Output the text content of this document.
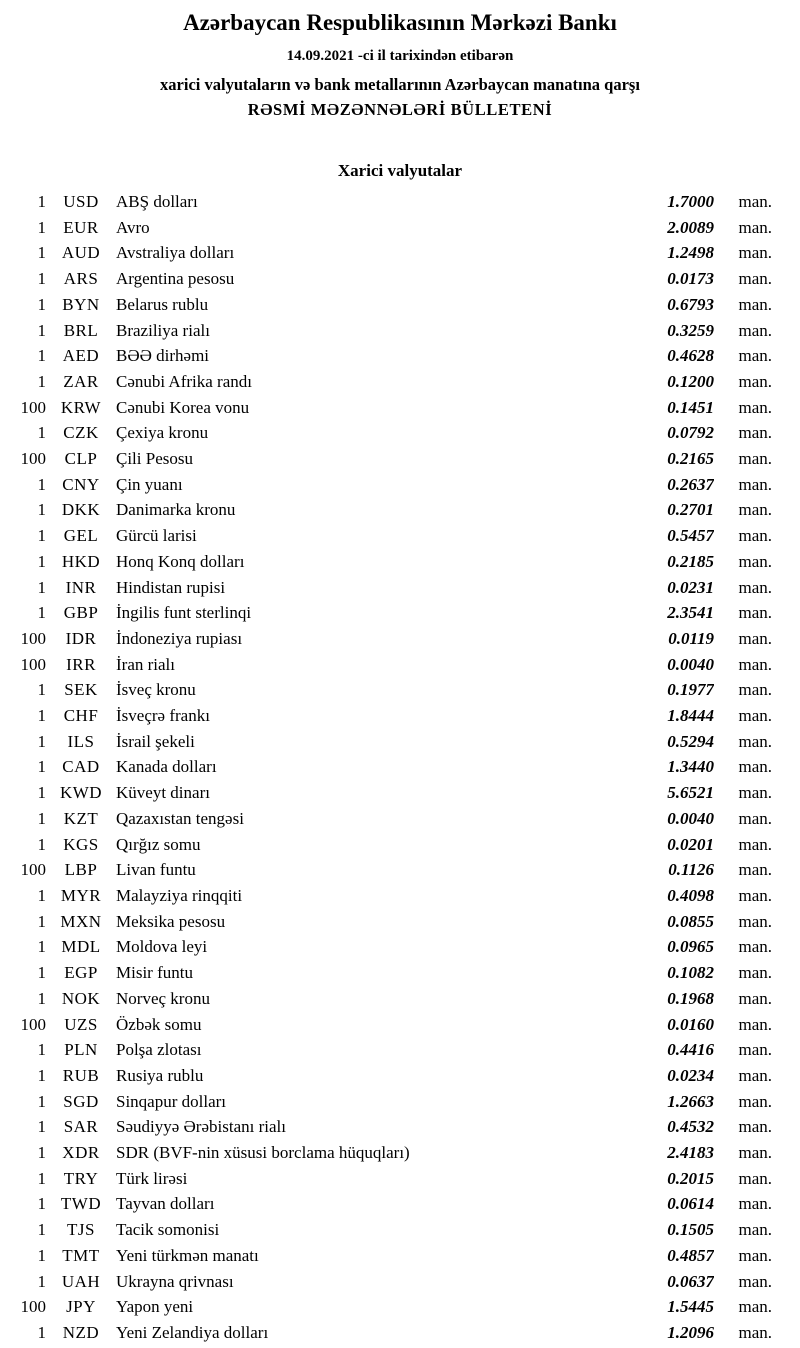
Azərbaycan Respublikasının Mərkəzi Bankı

14.09.2021 -ci il tarixindən etibarən

xarici valyutaların və bank metallarının Azərbaycan manatına qarşı

RƏSMİ MƏZƏNNƏLƏRİ BÜLLETENİ

Xarici valyutalar
1	USD	ABŞ dolları	1.7000	man.
1	EUR	Avro	2.0089	man.
1	AUD	Avstraliya dolları	1.2498	man.
1	ARS	Argentina pesosu	0.0173	man.
1	BYN	Belarus rublu	0.6793	man.
1	BRL	Braziliya rialı	0.3259	man.
1	AED	BƏƏ dirhəmi	0.4628	man.
1	ZAR	Cənubi Afrika randı	0.1200	man.
100	KRW	Cənubi Korea vonu	0.1451	man.
1	CZK	Çexiya kronu	0.0792	man.
100	CLP	Çili Pesosu	0.2165	man.
1	CNY	Çin yuanı	0.2637	man.
1	DKK	Danimarka kronu	0.2701	man.
1	GEL	Gürcü larisi	0.5457	man.
1	HKD	Honq Konq dolları	0.2185	man.
1	INR	Hindistan rupisi	0.0231	man.
1	GBP	İngilis funt sterlinqi	2.3541	man.
100	IDR	İndoneziya rupiası	0.0119	man.
100	IRR	İran rialı	0.0040	man.
1	SEK	İsveç kronu	0.1977	man.
1	CHF	İsveçrə frankı	1.8444	man.
1	ILS	İsrail şekeli	0.5294	man.
1	CAD	Kanada dolları	1.3440	man.
1	KWD	Küveyt dinarı	5.6521	man.
1	KZT	Qazaxıstan tengəsi	0.0040	man.
1	KGS	Qırğız somu	0.0201	man.
100	LBP	Livan funtu	0.1126	man.
1	MYR	Malayziya rinqqiti	0.4098	man.
1	MXN	Meksika pesosu	0.0855	man.
1	MDL	Moldova leyi	0.0965	man.
1	EGP	Misir funtu	0.1082	man.
1	NOK	Norveç kronu	0.1968	man.
100	UZS	Özbək somu	0.0160	man.
1	PLN	Polşa zlotası	0.4416	man.
1	RUB	Rusiya rublu	0.0234	man.
1	SGD	Sinqapur dolları	1.2663	man.
1	SAR	Səudiyyə Ərəbistanı rialı	0.4532	man.
1	XDR	SDR (BVF-nin xüsusi borclama hüquqları)	2.4183	man.
1	TRY	Türk lirəsi	0.2015	man.
1	TWD	Tayvan dolları	0.0614	man.
1	TJS	Tacik somonisi	0.1505	man.
1	TMT	Yeni türkmən manatı	0.4857	man.
1	UAH	Ukrayna qrivnası	0.0637	man.
100	JPY	Yapon yeni	1.5445	man.
1	NZD	Yeni Zelandiya dolları	1.2096	man.
